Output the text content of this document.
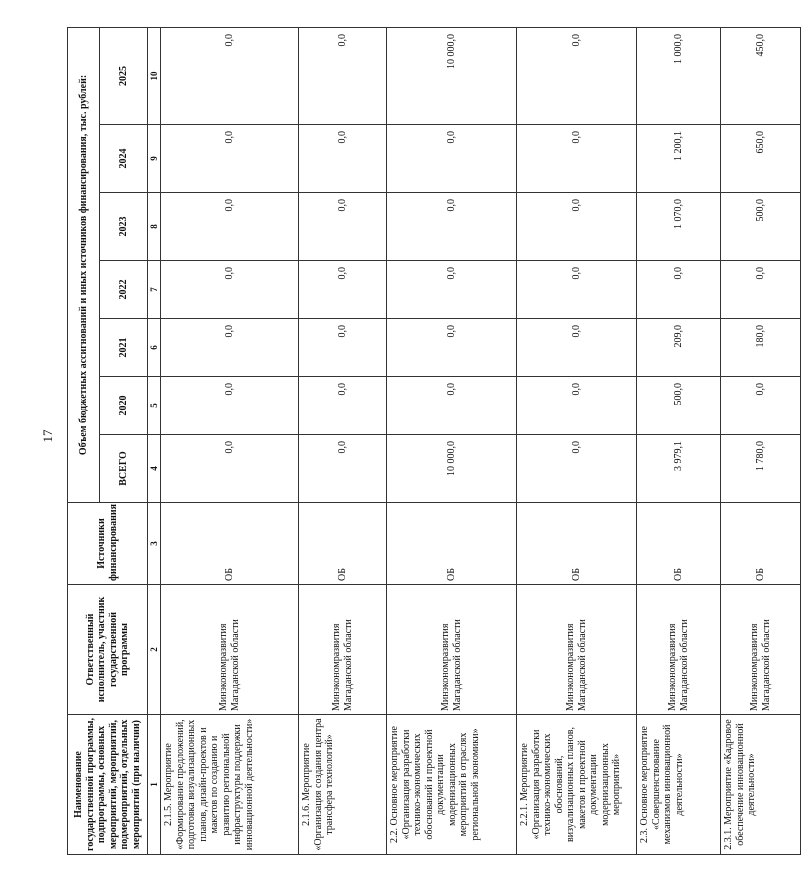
17
Наименование государственной программы, подпрограммы, основных мероприятий, мероприятий, подмероприятий, отдельных мероприятий (при наличии)	Ответственный исполнитель, участник государственной программы	Источники финансирования	Объем бюджетных ассигнований и иных источников финансирования, тыс. рублей:						
			ВСЕГО	2020	2021	2022	2023	2024	2025
1	2	3	4	5	6	7	8	9	10
2.1.5. Мероприятие «Формирование предложений, подготовка визуализационных планов, дизайн-проектов и макетов по созданию и развитию региональной инфраструктуры поддержки инновационной деятельности»	Минэкономразвития Магаданской области	ОБ	0,0	0,0	0,0	0,0	0,0	0,0	0,0
2.1.6. Мероприятие «Организация создания центра трансфера технологий»	Минэкономразвития Магаданской области	ОБ	0,0	0,0	0,0	0,0	0,0	0,0	0,0
2.2. Основное мероприятие «Организация разработки технико-экономических обоснований и проектной документации модернизационных мероприятий в отраслях региональной экономики»	Минэкономразвития Магаданской области	ОБ	10 000,0	0,0	0,0	0,0	0,0	0,0	10 000,0
2.2.1. Мероприятие «Организация разработки технико-экономических обоснований, визуализационных планов, макетов и проектной документации модернизационных мероприятий»	Минэкономразвития Магаданской области	ОБ	0,0	0,0	0,0	0,0	0,0	0,0	0,0
2.3. Основное мероприятие «Совершенствование механизмов инновационной деятельности»	Минэкономразвития Магаданской области	ОБ	3 979,1	500,0	209,0	0,0	1 070,0	1 200,1	1 000,0
2.3.1. Мероприятие «Кадровое обеспечение инновационной деятельности»	Минэкономразвития Магаданской области	ОБ	1 780,0	0,0	180,0	0,0	500,0	650,0	450,0
